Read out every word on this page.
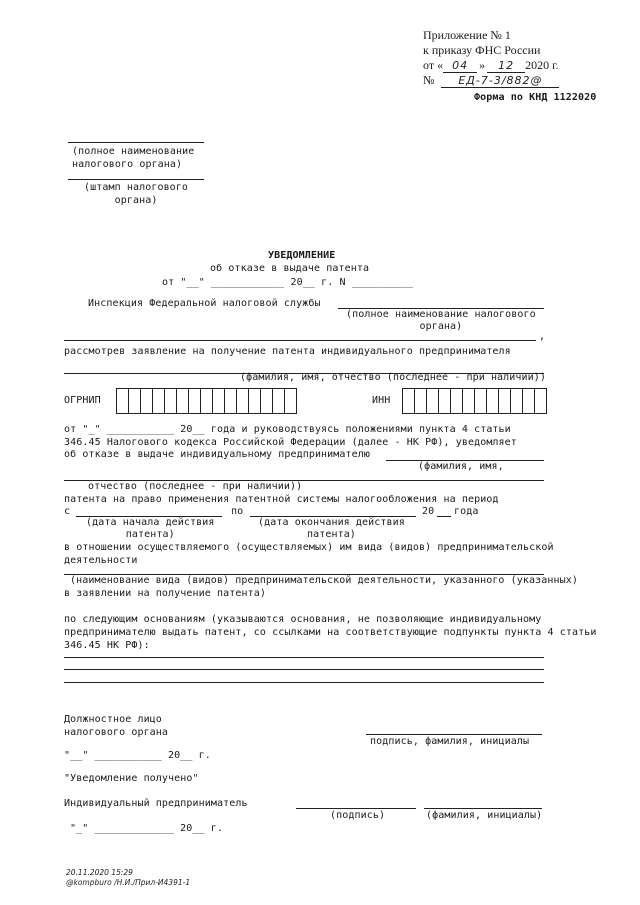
Приложение № 1
к приказу ФНС России
от « 04 » 12 2020 г.
№ ЕД-7-3/882@
Форма по КНД 1122020
(полное наименование
налогового органа)
(штамп налогового
органа)
УВЕДОМЛЕНИЕ
об отказе в выдаче патента
от "__" ____________ 20__ г. N __________
Инспекция Федеральной налоговой службы
(полное наименование налогового
органа)
,
рассмотрев заявление на получение патента индивидуального предпринимателя
(фамилия, имя, отчество (последнее - при наличии))
ОГРНИП	ИНН
от "_" ___________ 20__ года и руководствуясь положениями пункта 4 статьи
346.45 Налогового кодекса Российской Федерации (далее - НК РФ), уведомляет
об отказе в выдаче индивидуальному предпринимателю
(фамилия, имя,
отчество (последнее - при наличии))
патента на право применения патентной системы налогообложения на период
с	по	20 года
(дата начала действия
патента)
(дата окончания действия
патента)
в отношении осуществляемого (осуществляемых) им вида (видов) предпринимательской
деятельности
(наименование вида (видов) предпринимательской деятельности, указанного (указанных)
в заявлении на получение патента)
по следующим основаниям (указываются основания, не позволяющие индивидуальному
предпринимателю выдать патент, со ссылками на соответствующие подпункты пункта 4 статьи
346.45 НК РФ):
Должностное лицо
налогового органа
подпись, фамилия, инициалы
"__" ___________ 20__ г.
"Уведомление получено"
Индивидуальный предприниматель
(подпись)	(фамилия, инициалы)
"_" _____________ 20__ г.
20.11.2020 15:29
@kompburo /Н.И./Прил-И4391-1
